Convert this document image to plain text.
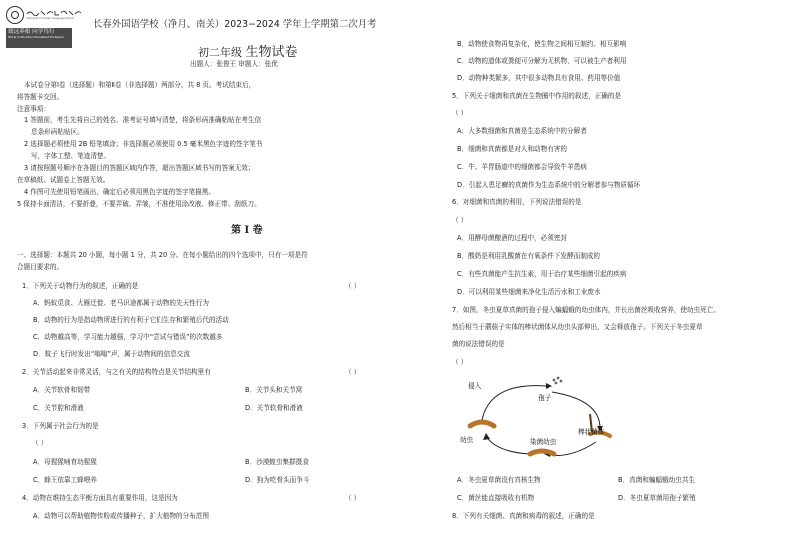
Changchun Foreign Language School
致远养根 向学笃行
Moral Cultivation Persistent Endeavor
长春外国语学校（净月、南关）2023−2024 学年上学期第二次月考
初二年级 生物试卷
出题人：张俊王 审题人：张优
本试卷分第Ⅰ卷（选择题）和第Ⅱ卷（非选择题）两部分，共 8 页。考试结束后，
将答题卡交回。
注意事项：
1 答题前，考生先将自己的姓名、准考证号填写清楚，将条形码准确粘贴在考生信
息条形码粘贴区。
2 选择题必须使用 2B 铅笔填涂；非选择题必须使用 0.5 毫米黑色字迹的签字笔书
写，字体工整、笔迹清楚。
3 请按照题号顺序在各题目的答题区域内作答，超出答题区域书写的答案无效；
在草稿纸、试题卷上答题无效。
4 作图可先使用铅笔画出，确定后必须用黑色字迹的签字笔描黑。
5 保持卡面清洁，不要折叠，不要弄破、弄皱，不准使用涂改液、修正带、刮纸刀。
第 Ⅰ 卷
一、选择题：本题共 20 小题，每小题 1 分，共 20 分。在每小题给出的四个选项中，只有一项是符
合题目要求的。
1．下列关于动物行为的叙述，正确的是	（ ）
A．蚂蚁觅食、大雁迁徙、老马识途都属于动物的先天性行为
B．动物的行为是指动物所进行的有利于它们生存和繁殖后代的活动
C．动物越高等，学习能力越强，学习中“尝试与错误”的次数越多
D．蚊子飞行时发出“嗡嗡”声，属于动物间的信息交流
2．关节活动起来非常灵活，与之有关的结构特点是关节结构里有	（ ）
A．关节软骨和韧带	B．关节头和关节窝
C．关节腔和滑液	D．关节软骨和滑液
3．下列属于社会行为的是
（ ）
A．母猩猩哺育幼猩猩	B．沙漠蝗虫集群摄食
C．蜂王依靠工蜂喂养	D．狗为吃骨头而争斗
4．动物在维持生态平衡方面具有重要作用，这是因为	（ ）
A．动物可以帮助植物传粉或传播种子，扩大植物的分布范围
B．动物使食物再复杂化，使生物之间相互制约、相互影响
C．动物的遗体或粪便可分解为无机物，可以被生产者利用
D．动物种类繁多，其中很多动物具有食用、药用等价值
5．下列关于细菌和真菌在生物圈中作用的叙述，正确的是
（ ）
A．大多数细菌和真菌是生态系统中的分解者
B．细菌和真菌都是对人和动物有害的
C．牛、羊胃肠道中的细菌都会导致牛羊患病
D．引起人患足癣的真菌作为生态系统中的分解者参与物质循环
6．对细菌和真菌的利用，下列说法错误的是
（ ）
A．用酵母菌酿酒的过程中，必须密封
B．酸奶是利用乳酸菌在有氧条件下发酵而制成的
C．有些真菌能产生抗生素，用于治疗某些细菌引起的疾病
D．可以利用某些细菌来净化生活污水和工业废水
7．如图，冬虫夏草真菌的孢子侵入蝙蝠蛾的幼虫体内，并长出菌丝吸收营养，使幼虫死亡。
然后相当于蘑菇子实体的棒状菌体从幼虫头部伸出，又会释放孢子。下列关于冬虫夏草
菌的说法错误的是
（ ）
侵入
孢子
幼虫	染菌幼虫
棒状菌体
A．冬虫夏草菌没有真核生物	B．真菌和蝙蝠蛾幼虫共生
C．菌丝能直接吸收有机物	D．冬虫夏草菌用孢子繁殖
8．下列有关细菌、真菌和病毒的叙述，正确的是
